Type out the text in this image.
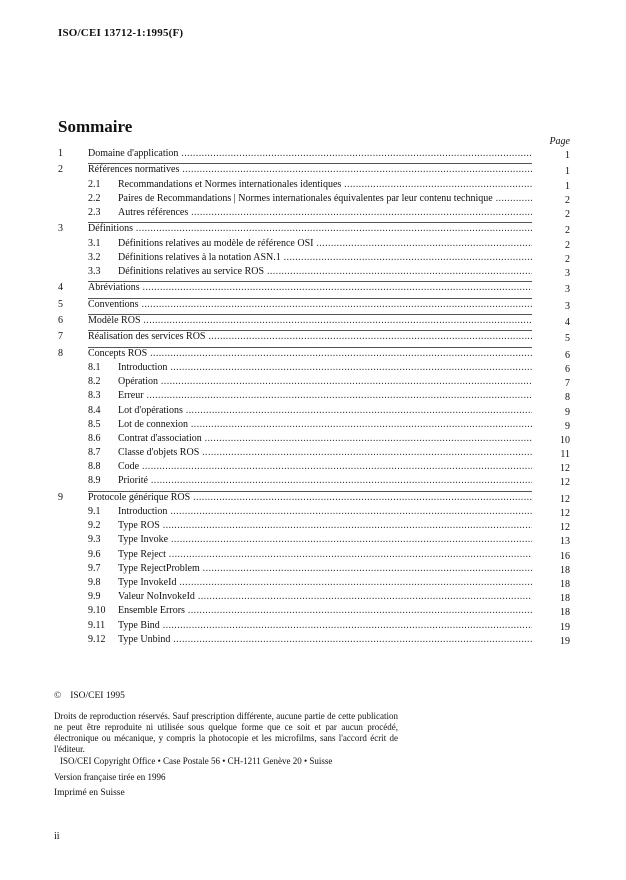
ISO/CEI 13712-1:1995(F)
Sommaire
Page
1	Domaine d'application .....	1
2	Références normatives .....	1
2.1	Recommandations et Normes internationales identiques .....	1
2.2	Paires de Recommandations | Normes internationales équivalentes par leur contenu technique .....	2
2.3	Autres références .....	2
3	Définitions .....	2
3.1	Définitions relatives au modèle de référence OSI .....	2
3.2	Définitions relatives à la notation ASN.1 .....	2
3.3	Définitions relatives au service ROS .....	3
4	Abréviations .....	3
5	Conventions .....	3
6	Modèle ROS .....	4
7	Réalisation des services ROS .....	5
8	Concepts ROS .....	6
8.1	Introduction .....	6
8.2	Opération .....	7
8.3	Erreur .....	8
8.4	Lot d'opérations .....	9
8.5	Lot de connexion .....	9
8.6	Contrat d'association .....	10
8.7	Classe d'objets ROS .....	11
8.8	Code .....	12
8.9	Priorité .....	12
9	Protocole générique ROS .....	12
9.1	Introduction .....	12
9.2	Type ROS .....	12
9.3	Type Invoke .....	13
9.6	Type Reject .....	16
9.7	Type RejectProblem .....	18
9.8	Type InvokeId .....	18
9.9	Valeur NoInvokeId .....	18
9.10	Ensemble Errors .....	18
9.11	Type Bind .....	19
9.12	Type Unbind .....	19
© ISO/CEI 1995
Droits de reproduction réservés. Sauf prescription différente, aucune partie de cette publication ne peut être reproduite ni utilisée sous quelque forme que ce soit et par aucun procédé, électronique ou mécanique, y compris la photocopie et les microfilms, sans l'accord écrit de l'éditeur.
ISO/CEI Copyright Office • Case Postale 56 • CH-1211 Genève 20 • Suisse
Version française tirée en 1996
Imprimé en Suisse
ii
